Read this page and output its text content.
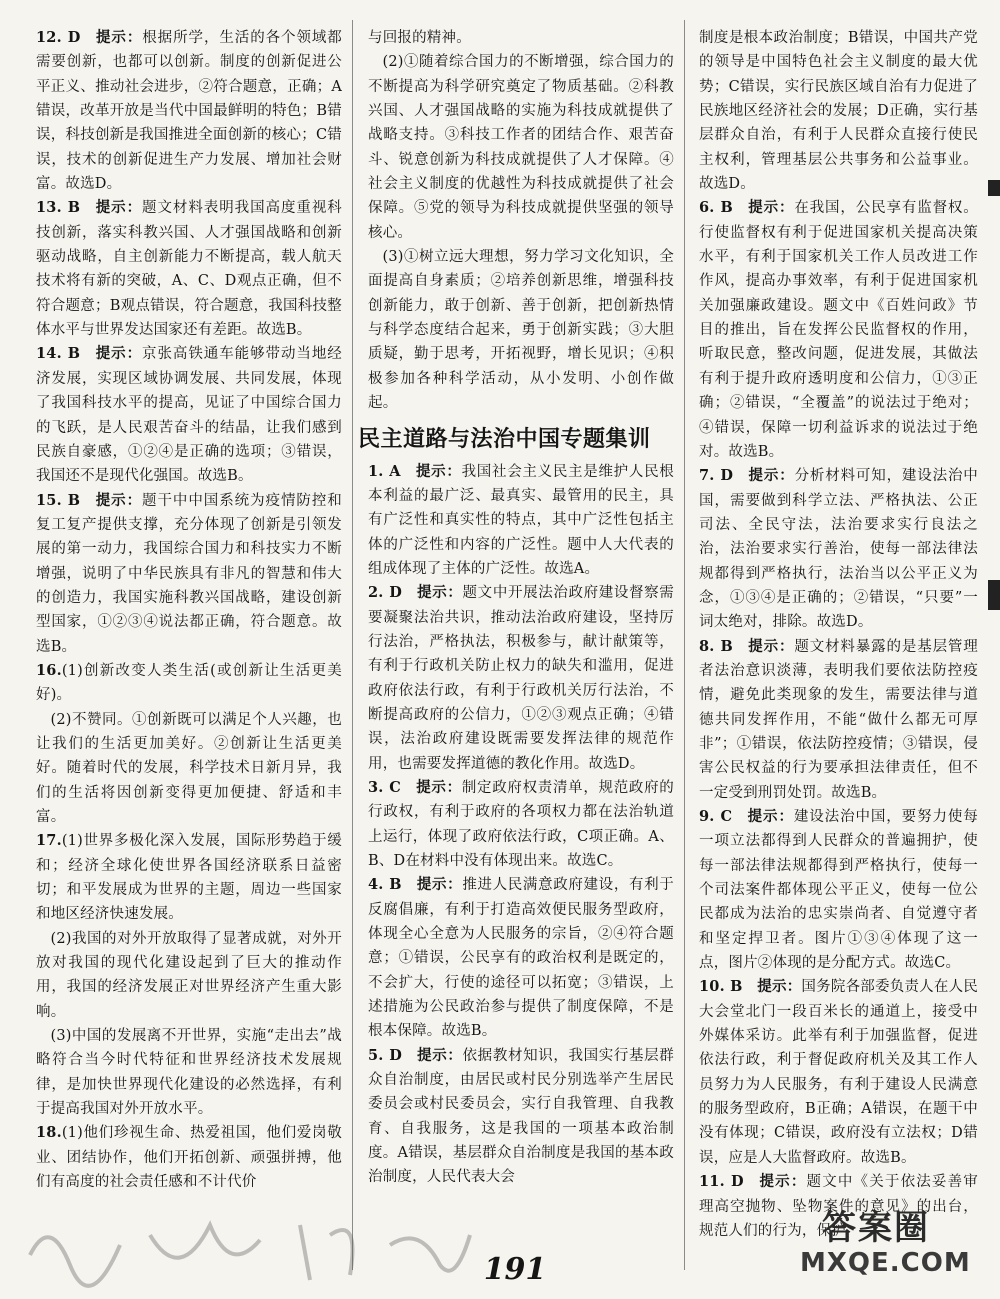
12. D  提示：根据所学，生活的各个领域都需要创新，也都可以创新。制度的创新促进公平正义、推动社会进步，②符合题意，正确；A错误，改革开放是当代中国最鲜明的特色；B错误，科技创新是我国推进全面创新的核心；C错误，技术的创新促进生产力发展、增加社会财富。故选D。

13. B  提示：题文材料表明我国高度重视科技创新，落实科教兴国、人才强国战略和创新驱动战略，自主创新能力不断提高，载人航天技术将有新的突破，A、C、D观点正确，但不符合题意；B观点错误，符合题意，我国科技整体水平与世界发达国家还有差距。故选B。

14. B  提示：京张高铁通车能够带动当地经济发展，实现区域协调发展、共同发展，体现了我国科技水平的提高，见证了中国综合国力的飞跃，是人民艰苦奋斗的结晶，让我们感到民族自豪感，①②④是正确的选项；③错误，我国还不是现代化强国。故选B。

15. B  提示：题干中中国系统为疫情防控和复工复产提供支撑，充分体现了创新是引领发展的第一动力，我国综合国力和科技实力不断增强，说明了中华民族具有非凡的智慧和伟大的创造力，我国实施科教兴国战略，建设创新型国家，①②③④说法都正确，符合题意。故选B。

16.(1)创新改变人类生活(或创新让生活更美好)。

(2)不赞同。①创新既可以满足个人兴趣，也让我们的生活更加美好。②创新让生活更美好。随着时代的发展，科学技术日新月异，我们的生活将因创新变得更加便捷、舒适和丰富。

17.(1)世界多极化深入发展，国际形势趋于缓和；经济全球化使世界各国经济联系日益密切；和平发展成为世界的主题，周边一些国家和地区经济快速发展。

(2)我国的对外开放取得了显著成就，对外开放对我国的现代化建设起到了巨大的推动作用，我国的经济发展正对世界经济产生重大影响。

(3)中国的发展离不开世界，实施“走出去”战略符合当今时代特征和世界经济技术发展规律，是加快世界现代化建设的必然选择，有利于提高我国对外开放水平。

18.(1)他们珍视生命、热爱祖国，他们爱岗敬业、团结协作，他们开拓创新、顽强拼搏，他们有高度的社会责任感和不计代价

与回报的精神。

(2)①随着综合国力的不断增强，综合国力的不断提高为科学研究奠定了物质基础。②科教兴国、人才强国战略的实施为科技成就提供了战略支持。③科技工作者的团结合作、艰苦奋斗、锐意创新为科技成就提供了人才保障。④社会主义制度的优越性为科技成就提供了社会保障。⑤党的领导为科技成就提供坚强的领导核心。

(3)①树立远大理想，努力学习文化知识，全面提高自身素质；②培养创新思维，增强科技创新能力，敢于创新、善于创新，把创新热情与科学态度结合起来，勇于创新实践；③大胆质疑，勤于思考，开拓视野，增长见识；④积极参加各种科学活动，从小发明、小创作做起。

民主道路与法治中国专题集训

1. A  提示：我国社会主义民主是维护人民根本利益的最广泛、最真实、最管用的民主，具有广泛性和真实性的特点，其中广泛性包括主体的广泛性和内容的广泛性。题中人大代表的组成体现了主体的广泛性。故选A。

2. D  提示：题文中开展法治政府建设督察需要凝聚法治共识，推动法治政府建设，坚持厉行法治，严格执法，积极参与，献计献策等，有利于行政机关防止权力的缺失和滥用，促进政府依法行政，有利于行政机关厉行法治，不断提高政府的公信力，①②③观点正确；④错误，法治政府建设既需要发挥法律的规范作用，也需要发挥道德的教化作用。故选D。

3. C  提示：制定政府权责清单，规范政府的行政权，有利于政府的各项权力都在法治轨道上运行，体现了政府依法行政，C项正确。A、B、D在材料中没有体现出来。故选C。

4. B  提示：推进人民满意政府建设，有利于反腐倡廉，有利于打造高效便民服务型政府，体现全心全意为人民服务的宗旨，②④符合题意；①错误，公民享有的政治权利是既定的，不会扩大，行使的途径可以拓宽；③错误，上述措施为公民政治参与提供了制度保障，不是根本保障。故选B。

5. D  提示：依据教材知识，我国实行基层群众自治制度，由居民或村民分别选举产生居民委员会或村民委员会，实行自我管理、自我教育、自我服务，这是我国的一项基本政治制度。A错误，基层群众自治制度是我国的基本政治制度，人民代表大会

制度是根本政治制度；B错误，中国共产党的领导是中国特色社会主义制度的最大优势；C错误，实行民族区域自治有力促进了民族地区经济社会的发展；D正确，实行基层群众自治，有利于人民群众直接行使民主权利，管理基层公共事务和公益事业。故选D。

6. B  提示：在我国，公民享有监督权。行使监督权有利于促进国家机关提高决策水平，有利于国家机关工作人员改进工作作风，提高办事效率，有利于促进国家机关加强廉政建设。题文中《百姓问政》节目的推出，旨在发挥公民监督权的作用，听取民意，整改问题，促进发展，其做法有利于提升政府透明度和公信力，①③正确；②错误，“全覆盖”的说法过于绝对；④错误，保障一切利益诉求的说法过于绝对。故选B。

7. D  提示：分析材料可知，建设法治中国，需要做到科学立法、严格执法、公正司法、全民守法，法治要求实行良法之治，法治要求实行善治，使每一部法律法规都得到严格执行，法治当以公平正义为念，①③④是正确的；②错误，“只要”一词太绝对，排除。故选D。

8. B  提示：题文材料暴露的是基层管理者法治意识淡薄，表明我们要依法防控疫情，避免此类现象的发生，需要法律与道德共同发挥作用，不能“做什么都无可厚非”；①错误，依法防控疫情；③错误，侵害公民权益的行为要承担法律责任，但不一定受到刑罚处罚。故选B。

9. C  提示：建设法治中国，要努力使每一项立法都得到人民群众的普遍拥护，使每一部法律法规都得到严格执行，使每一个司法案件都体现公平正义，使每一位公民都成为法治的忠实崇尚者、自觉遵守者和坚定捍卫者。图片①③④体现了这一点，图片②体现的是分配方式。故选C。

10. B  提示：国务院各部委负责人在人民大会堂北门一段百米长的通道上，接受中外媒体采访。此举有利于加强监督，促进依法行政，利于督促政府机关及其工作人员努力为人民服务，有利于建设人民满意的服务型政府，B正确；A错误，在题干中没有体现；C错误，政府没有立法权；D错误，应是人大监督政府。故选B。

11. D  提示：题文中《关于依法妥善审理高空抛物、坠物案件的意见》的出台，规范人们的行为，保护

191
答案圈
MXQE.COM
